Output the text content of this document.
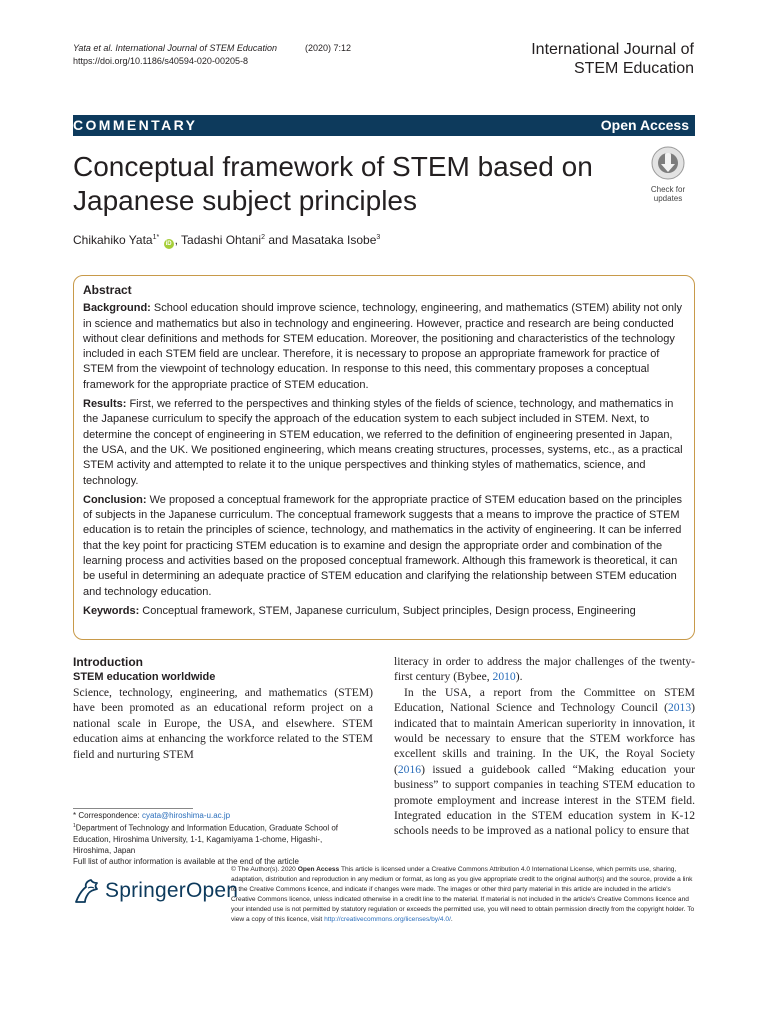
Yata et al. International Journal of STEM Education	(2020) 7:12
https://doi.org/10.1186/s40594-020-00205-8
International Journal of
STEM Education
COMMENTARY	Open Access
Conceptual framework of STEM based on Japanese subject principles	Check for
updates
Chikahiko Yata$^{1*}$ iD , Tadashi Ohtani$^2$ and Masataka Isobe$^3$
Abstract

Background: School education should improve science, technology, engineering, and mathematics (STEM) ability not only in science and mathematics but also in technology and engineering. However, practice and research are being conducted without clear definitions and methods for STEM education. Moreover, the positioning and characteristics of the technology included in each STEM field are unclear. Therefore, it is necessary to propose an appropriate framework for practice of STEM from the viewpoint of technology education. In response to this need, this commentary proposes a conceptual framework for the appropriate practice of STEM education.

Results: First, we referred to the perspectives and thinking styles of the fields of science, technology, and mathematics in the Japanese curriculum to specify the approach of the education system to each subject included in STEM. Next, to determine the concept of engineering in STEM education, we referred to the definition of engineering presented in Japan, the USA, and the UK. We positioned engineering, which means creating structures, processes, systems, etc., as a practical STEM activity and attempted to relate it to the unique perspectives and thinking styles of mathematics, science, and technology.

Conclusion: We proposed a conceptual framework for the appropriate practice of STEM education based on the principles of subjects in the Japanese curriculum. The conceptual framework suggests that a means to improve the practice of STEM education is to retain the principles of science, technology, and mathematics in the activity of engineering. It can be inferred that the key point for practicing STEM education is to examine and design the appropriate order and combination of the learning process and activities based on the proposed conceptual framework. Although this framework is theoretical, it can be useful in determining an adequate practice of STEM education and clarifying the relationship between STEM education and technology education.

Keywords: Conceptual framework, STEM, Japanese curriculum, Subject principles, Design process, Engineering

Introduction
STEM education worldwide

Science, technology, engineering, and mathematics (STEM) have been promoted as an educational reform project on a national scale in Europe, the USA, and elsewhere. STEM education aims at enhancing the workforce related to the STEM field and nurturing STEM

literacy in order to address the major challenges of the twenty-first century (Bybee, 2010).

In the USA, a report from the Committee on STEM Education, National Science and Technology Council (2013) indicated that to maintain American superiority in innovation, it would be necessary to ensure that the STEM workforce has excellent skills and training. In the UK, the Royal Society (2016) issued a guidebook called “Making education your business” to support companies in teaching STEM education to promote employment and increase interest in the STEM field. Integrated education in the STEM education system in K-12 schools needs to be improved as a national policy to ensure that

* Correspondence: cyata@hiroshima-u.ac.jp
$^1$Department of Technology and Information Education, Graduate School of Education, Hiroshima University, 1-1, Kagamiyama 1-chome, Higashi-, Hiroshima, Japan
Full list of author information is available at the end of the article
SpringerOpen
© The Author(s). 2020 Open Access This article is licensed under a Creative Commons Attribution 4.0 International License, which permits use, sharing, adaptation, distribution and reproduction in any medium or format, as long as you give appropriate credit to the original author(s) and the source, provide a link to the Creative Commons licence, and indicate if changes were made. The images or other third party material in this article are included in the article's Creative Commons licence, unless indicated otherwise in a credit line to the material. If material is not included in the article's Creative Commons licence and your intended use is not permitted by statutory regulation or exceeds the permitted use, you will need to obtain permission directly from the copyright holder. To view a copy of this licence, visit http://creativecommons.org/licenses/by/4.0/.
